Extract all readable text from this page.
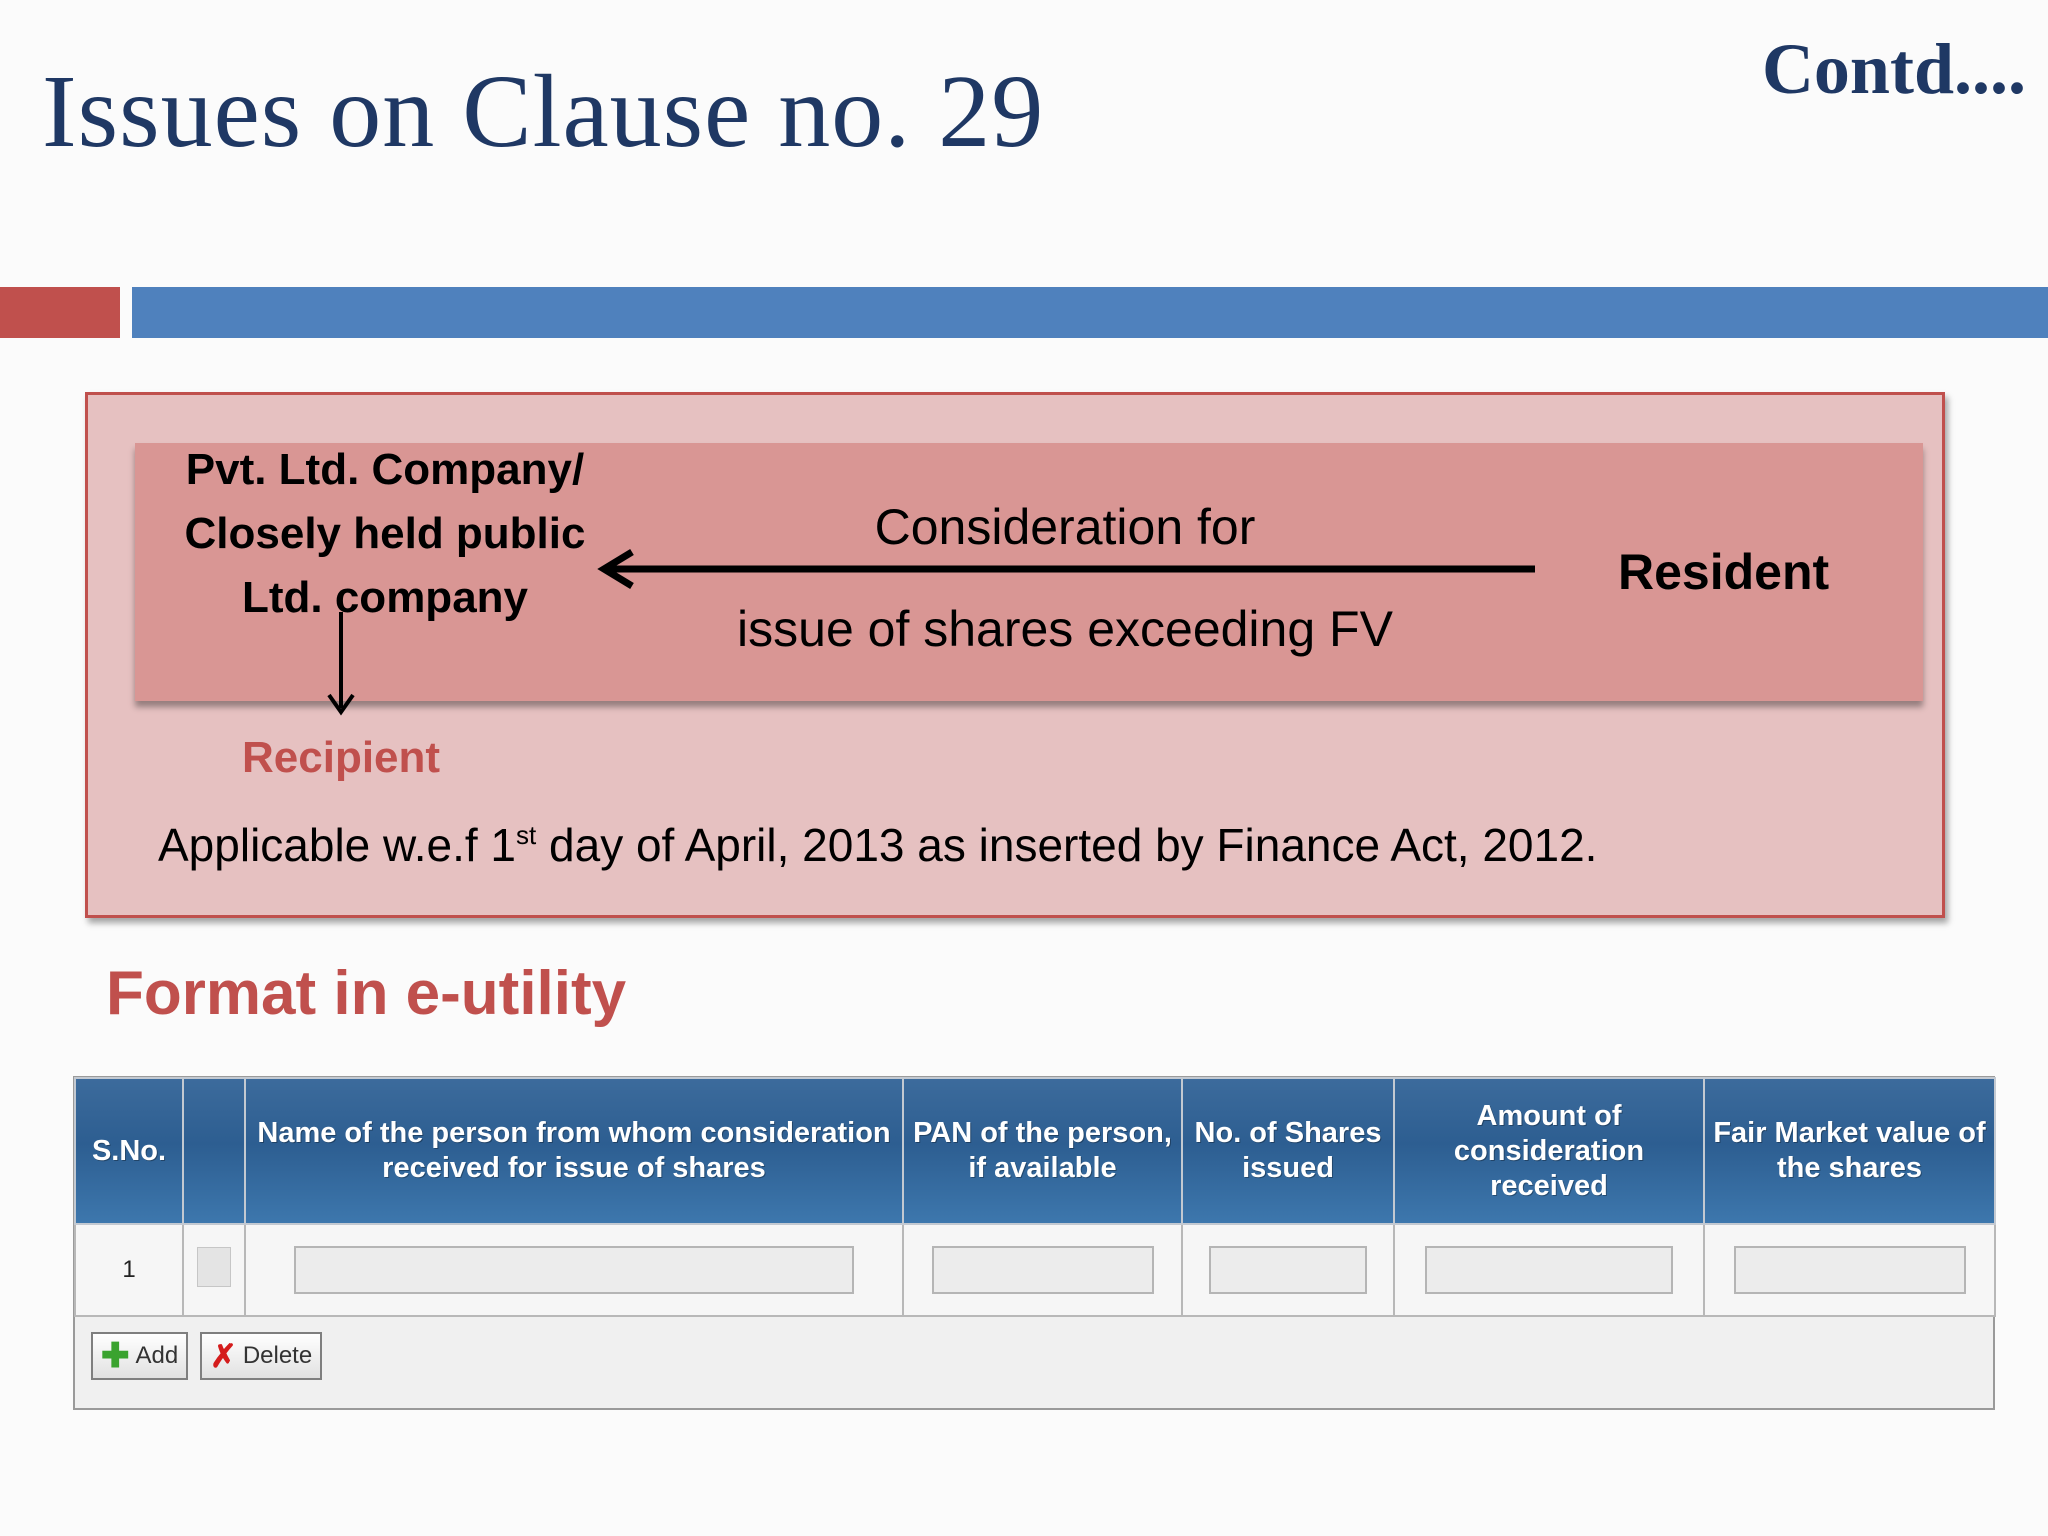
Issues on Clause no. 29	Contd....
Pvt. Ltd. Company/
Closely held public
Ltd. company
Consideration for
issue of shares exceeding FV
Resident
Recipient
Applicable w.e.f 1st day of April, 2013 as inserted by Finance Act, 2012.
Format in e-utility
S.No.		Name of the person from whom consideration received for issue of shares	PAN of the person, if available	No. of Shares issued	Amount of consideration received	Fair Market value of the shares
1		

✚ Add ✗ Delete
